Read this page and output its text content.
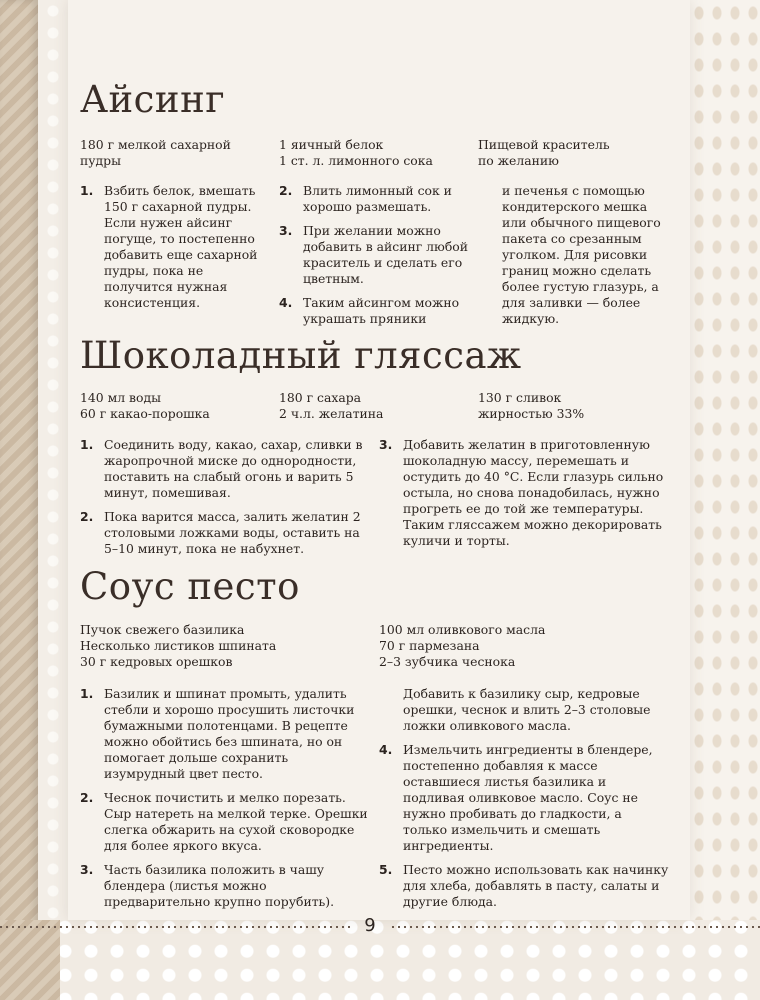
Айсинг
180 г мелкой сахарной
пудры
1 яичный белок
1 ст. л. лимонного сока
Пищевой краситель
по желанию
1. Взбить белок, вмешать 150 г сахарной пудры. Если нужен айсинг погуще, то постепенно добавить еще сахарной пудры, пока не получится нужная консистенция.
2. Влить лимонный сок и хорошо размешать.
3. При желании можно добавить в айсинг любой краситель и сделать его цветным.
4. Таким айсингом можно украшать пряники
и печенья с помощью кондитерского мешка или обычного пищевого пакета со срезанным уголком. Для рисовки границ можно сделать более густую глазурь, а для заливки — более жидкую.
Шоколадный глясcаж
140 мл воды
60 г какао-порошка
180 г сахара
2 ч.л. желатина
130 г сливок
жирностью 33%
1. Соединить воду, какао, сахар, сливки в жаропрочной миске до однородности, поставить на слабый огонь и варить 5 минут, помешивая.
2. Пока варится масса, залить желатин 2 столовыми ложками воды, оставить на 5–10 минут, пока не набухнет.
3. Добавить желатин в приготовленную шоколадную массу, перемешать и остудить до 40 °С. Если глазурь сильно остыла, но снова понадобилась, нужно прогреть ее до той же температуры. Таким гляссажем можно декорировать куличи и торты.
Соус песто
Пучок свежего базилика
Несколько листиков шпината
30 г кедровых орешков
100 мл оливкового масла
70 г пармезана
2–3 зубчика чеснока
1. Базилик и шпинат промыть, удалить стебли и хорошо просушить листочки бумажными полотенцами. В рецепте можно обойтись без шпината, но он помогает дольше сохранить изумрудный цвет песто.
2. Чеснок почистить и мелко порезать. Сыр натереть на мелкой терке. Орешки слегка обжарить на сухой сковородке для более яркого вкуса.
3. Часть базилика положить в чашу блендера (листья можно предварительно крупно порубить).
Добавить к базилику сыр, кедровые орешки, чеснок и влить 2–3 столовые ложки оливкового масла.
4. Измельчить ингредиенты в блендере, постепенно добавляя к массе оставшиеся листья базилика и подливая оливковое масло. Соус не нужно пробивать до гладкости, а только измельчить и смешать ингредиенты.
5. Песто можно использовать как начинку для хлеба, добавлять в пасту, салаты и другие блюда.
9
